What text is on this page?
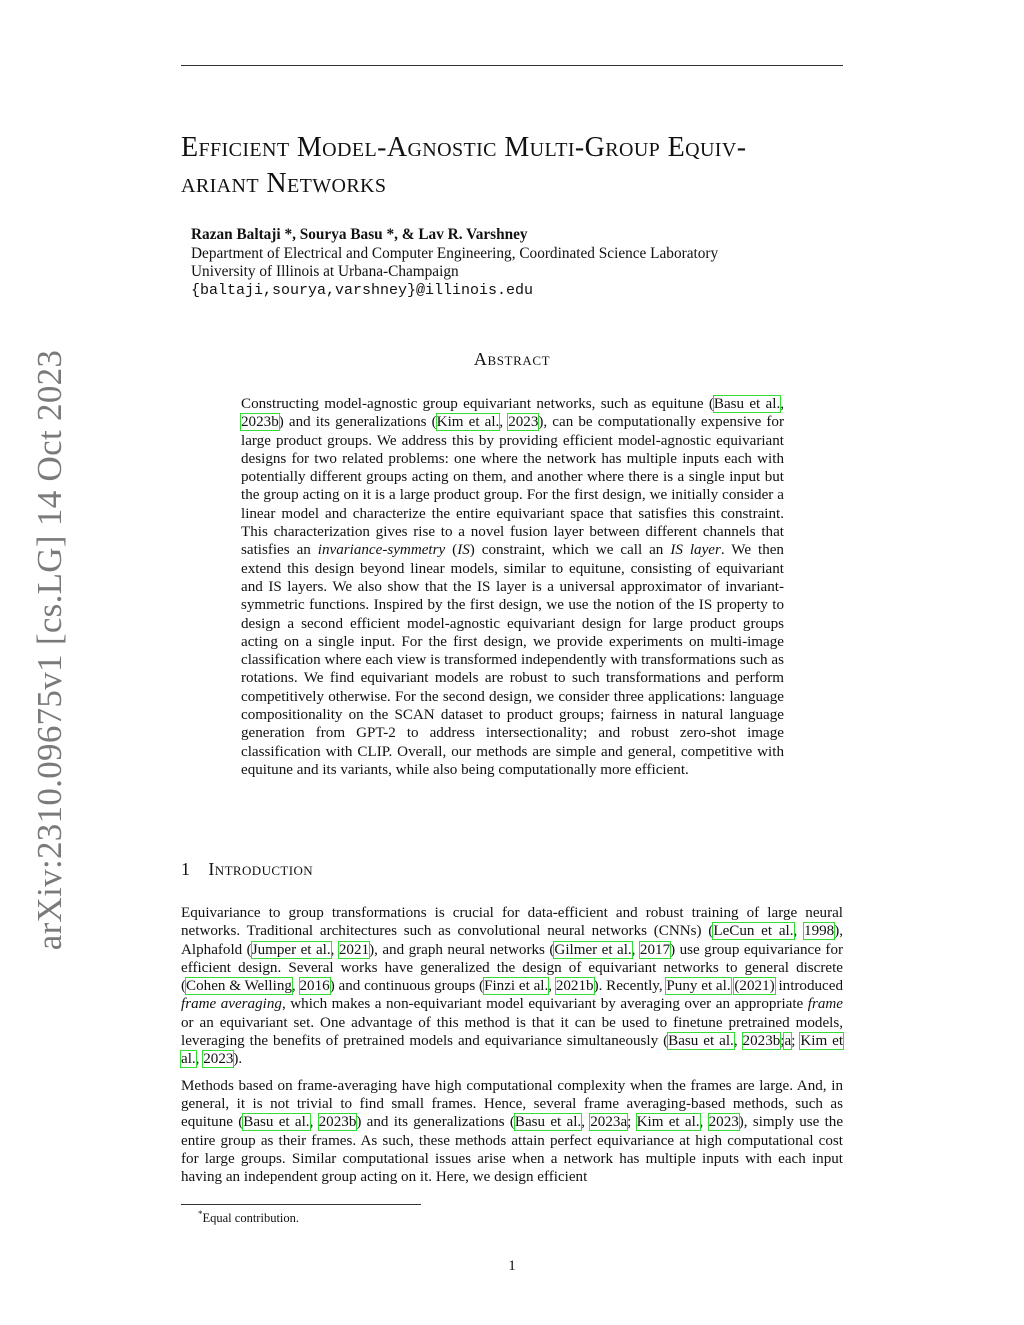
arXiv:2310.09675v1 [cs.LG] 14 Oct 2023
Efficient Model-Agnostic Multi-Group Equiv-
ariant Networks
Razan Baltaji *, Sourya Basu *, & Lav R. Varshney
Department of Electrical and Computer Engineering, Coordinated Science Laboratory
University of Illinois at Urbana-Champaign
{baltaji,sourya,varshney}@illinois.edu
Abstract
Constructing model-agnostic group equivariant networks, such as equitune (Basu et al., 2023b) and its generalizations (Kim et al., 2023), can be computationally expensive for large product groups. We address this by providing efficient model-agnostic equivariant designs for two related problems: one where the network has multiple inputs each with potentially different groups acting on them, and another where there is a single input but the group acting on it is a large product group. For the first design, we initially consider a linear model and characterize the entire equivariant space that satisfies this constraint. This characterization gives rise to a novel fusion layer between different channels that satisfies an invariance-symmetry (IS) constraint, which we call an IS layer. We then extend this design beyond linear models, similar to equitune, consisting of equivariant and IS layers. We also show that the IS layer is a universal approximator of invariant-symmetric functions. Inspired by the first design, we use the notion of the IS property to design a second efficient model-agnostic equivariant design for large product groups acting on a single input. For the first design, we provide experiments on multi-image classification where each view is transformed independently with transformations such as rotations. We find equivariant models are robust to such transformations and perform competitively otherwise. For the second design, we consider three applications: language compositionality on the SCAN dataset to product groups; fairness in natural language generation from GPT-2 to address intersectionality; and robust zero-shot image classification with CLIP. Overall, our methods are simple and general, competitive with equitune and its variants, while also being computationally more efficient.
1 Introduction

Equivariance to group transformations is crucial for data-efficient and robust training of large neural networks. Traditional architectures such as convolutional neural networks (CNNs) (LeCun et al., 1998), Alphafold (Jumper et al., 2021), and graph neural networks (Gilmer et al., 2017) use group equivariance for efficient design. Several works have generalized the design of equivariant networks to general discrete (Cohen & Welling, 2016) and continuous groups (Finzi et al., 2021b). Recently, Puny et al. (2021) introduced frame averaging, which makes a non-equivariant model equivariant by averaging over an appropriate frame or an equivariant set. One advantage of this method is that it can be used to finetune pretrained models, leveraging the benefits of pretrained models and equivariance simultaneously (Basu et al., 2023b;a; Kim et al., 2023).

Methods based on frame-averaging have high computational complexity when the frames are large. And, in general, it is not trivial to find small frames. Hence, several frame averaging-based methods, such as equitune (Basu et al., 2023b) and its generalizations (Basu et al., 2023a; Kim et al., 2023), simply use the entire group as their frames. As such, these methods attain perfect equivariance at high computational cost for large groups. Similar computational issues arise when a network has multiple inputs with each input having an independent group acting on it. Here, we design efficient

*Equal contribution.
1
